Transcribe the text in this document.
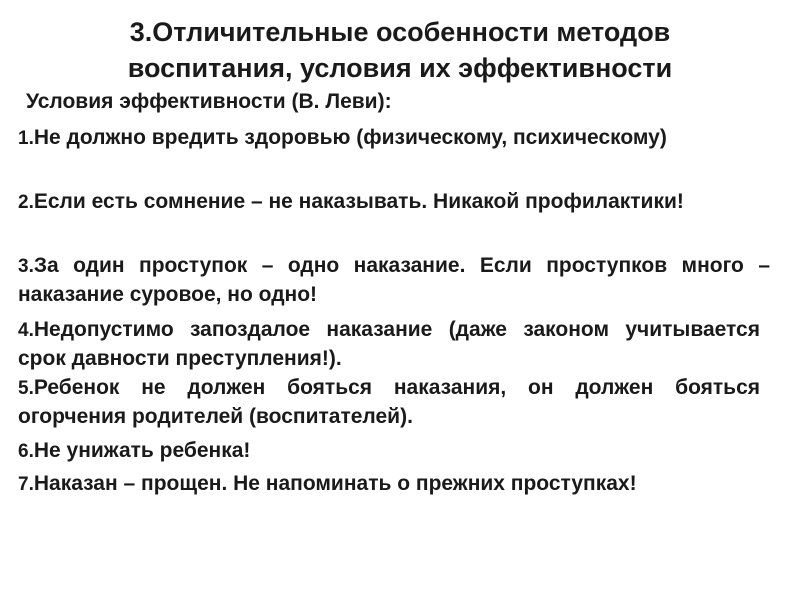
3.Отличительные особенности методов
воспитания, условия их эффективности

Условия эффективности (В. Леви):

1.Не должно вредить здоровью (физическому, психическому)

2.Если есть сомнение – не наказывать. Никакой профилактики!

3.За один проступок – одно наказание. Если проступков много – наказание суровое, но одно!

4.Недопустимо запоздалое наказание (даже законом учитывается срок давности преступления!).

5.Ребенок не должен бояться наказания, он должен бояться огорчения родителей (воспитателей).

6.Не унижать ребенка!

7.Наказан – прощен. Не напоминать о прежних проступках!
